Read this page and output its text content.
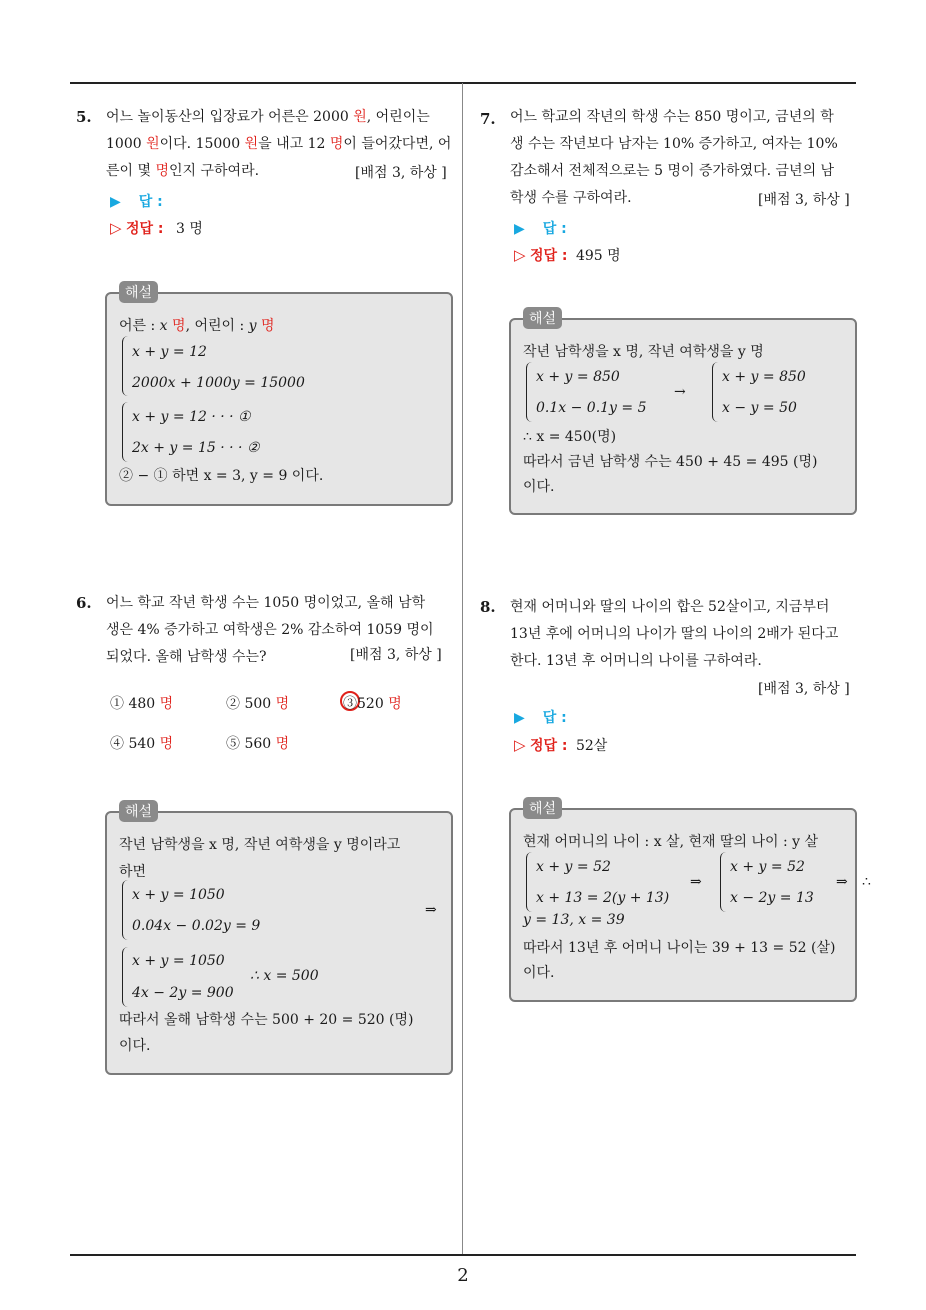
2
5. 어느 놀이동산의 입장료가 어른은 2000 원, 어린이는
1000 원이다. 15000 원을 내고 12 명이 들어갔다면, 어
른이 몇 명인지 구하여라.	[배점 3, 하상 ]
▶ 답 :
▷ 정답 : 3 명
해설
어른 : x 명, 어린이 : y 명
x + y = 12
2000x + 1000y = 15000
x + y = 12 · · · ①
2x + y = 15 · · · ②
② − ① 하면 x = 3, y = 9 이다.
6. 어느 학교 작년 학생 수는 1050 명이었고, 올해 남학
생은 4% 증가하고 여학생은 2% 감소하여 1059 명이
되었다. 올해 남학생 수는?	[배점 3, 하상 ]
① 480 명	② 500 명	③520 명
④ 540 명	⑤ 560 명
해설
작년 남학생을 x 명, 작년 여학생을 y 명이라고
하면
x + y = 1050
0.04x − 0.02y = 9
⇒
x + y = 1050
4x − 2y = 900
∴ x = 500
따라서 올해 남학생 수는 500 + 20 = 520 (명)
이다.
7. 어느 학교의 작년의 학생 수는 850 명이고, 금년의 학
생 수는 작년보다 남자는 10% 증가하고, 여자는 10%
감소해서 전체적으로는 5 명이 증가하였다. 금년의 남
학생 수를 구하여라.	[배점 3, 하상 ]
▶ 답 :
▷ 정답 : 495 명
해설
작년 남학생을 x 명, 작년 여학생을 y 명
x + y = 850
0.1x − 0.1y = 5
→
x + y = 850
x − y = 50
∴ x = 450(명)
따라서 금년 남학생 수는 450 + 45 = 495 (명)
이다.
8. 현재 어머니와 딸의 나이의 합은 52살이고, 지금부터
13년 후에 어머니의 나이가 딸의 나이의 2배가 된다고
한다. 13년 후 어머니의 나이를 구하여라.
[배점 3, 하상 ]
▶ 답 :
▷ 정답 : 52살
해설
현재 어머니의 나이 : x 살, 현재 딸의 나이 : y 살
x + y = 52
x + 13 = 2(y + 13)
⇒
x + y = 52
x − 2y = 13
⇒ ∴
y = 13, x = 39
따라서 13년 후 어머니 나이는 39 + 13 = 52 (살)
이다.
